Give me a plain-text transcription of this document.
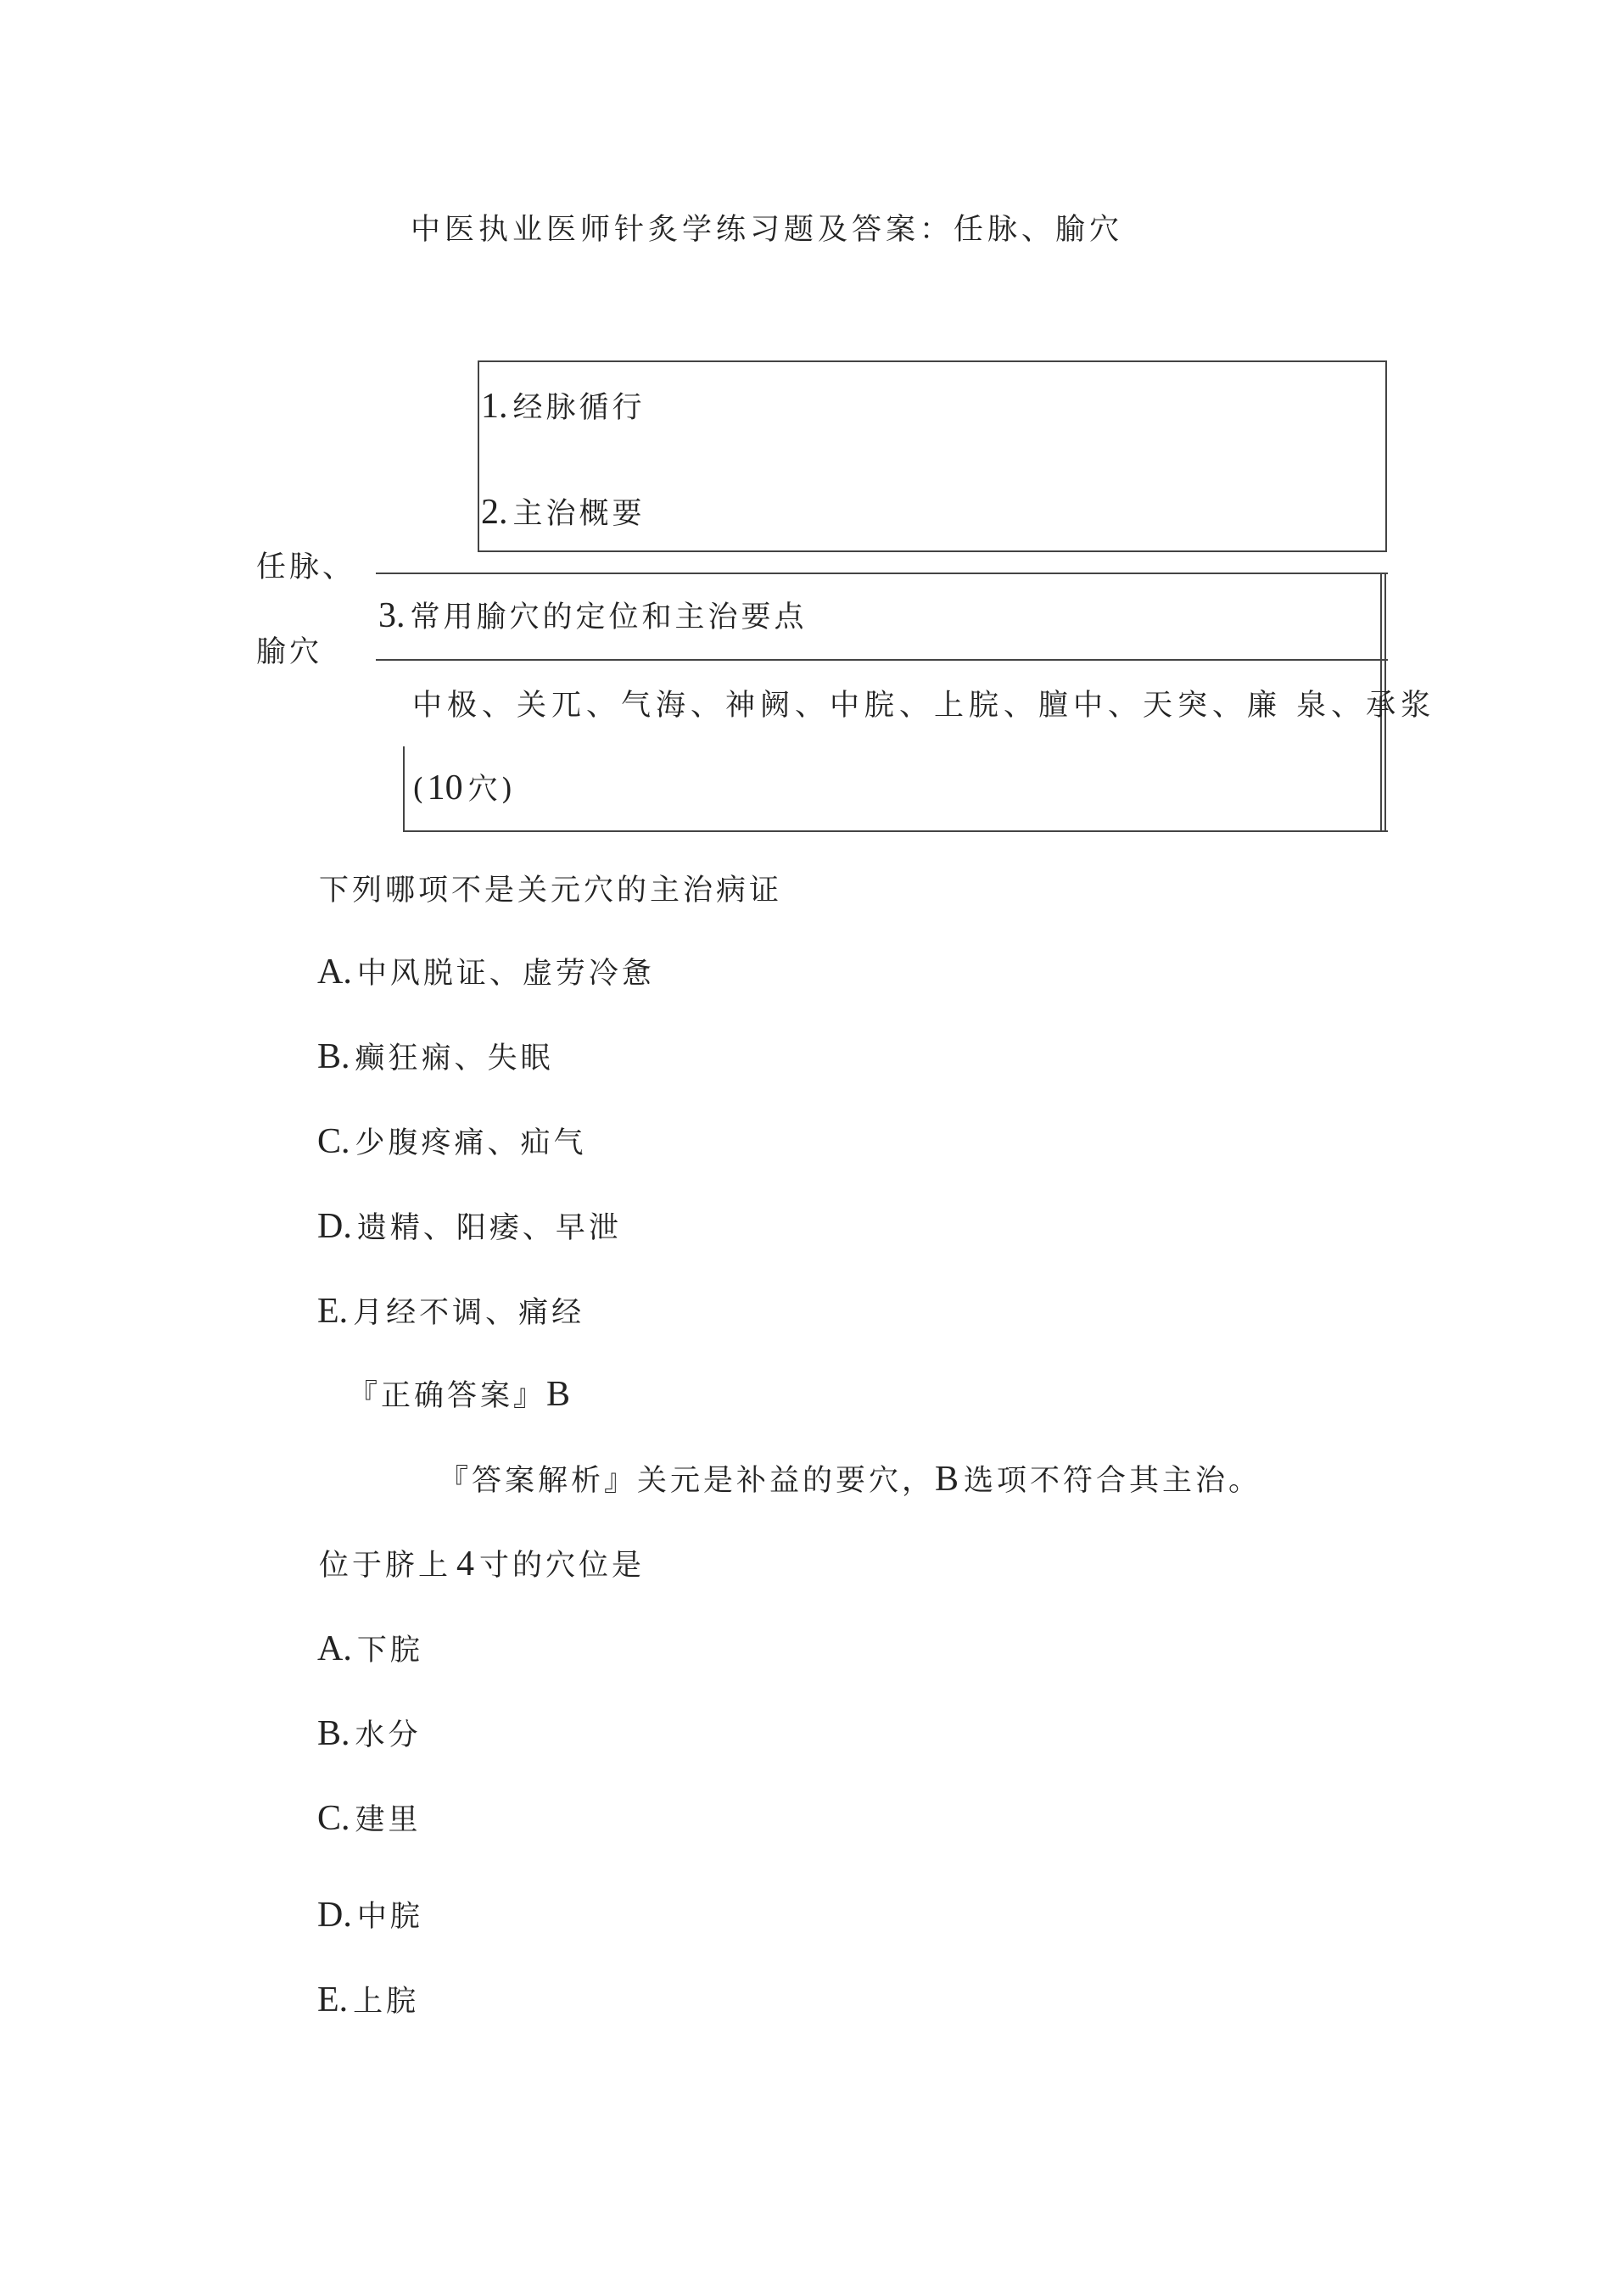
中医执业医师针炙学练习题及答案：任脉、腧穴
1. 经脉循行
2. 主治概要
任脉、
腧穴
3. 常用腧穴的定位和主治要点
中极、关兀、气海、神阙、中脘、上脘、膻中、天突、廉 泉、承浆
(10 穴)
下列哪项不是关元穴的主治病证
A. 中风脱证、虚劳冷惫
B. 癫狂痫、失眠
C. 少腹疼痛、疝气
D. 遗精、阳痿、早泄
E. 月经不调、痛经
『正确答案』B
『答案解析』关元是补益的要穴，B 选项不符合其主治。
位于脐上 4 寸的穴位是
A. 下脘
B. 水分
C. 建里
D. 中脘
E. 上脘
